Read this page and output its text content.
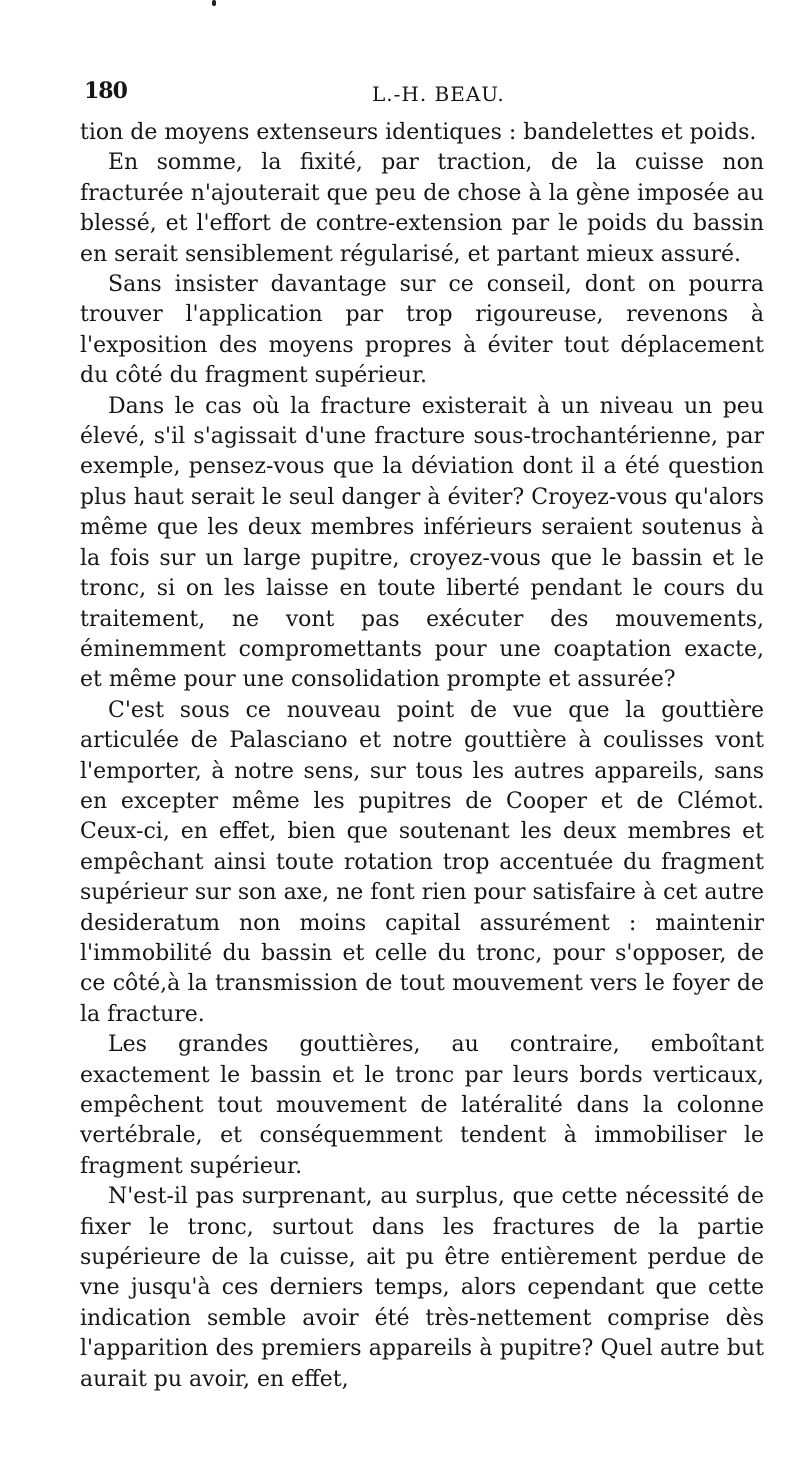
180	L.-H. BEAU.

tion de moyens extenseurs identiques : bandelettes et poids.

En somme, la fixité, par traction, de la cuisse non fracturée n'ajouterait que peu de chose à la gène imposée au blessé, et l'effort de contre-extension par le poids du bassin en serait sensiblement régularisé, et partant mieux assuré.

Sans insister davantage sur ce conseil, dont on pourra trouver l'application par trop rigoureuse, revenons à l'exposition des moyens propres à éviter tout déplacement du côté du fragment supérieur.

Dans le cas où la fracture existerait à un niveau un peu élevé, s'il s'agissait d'une fracture sous-trochantérienne, par exemple, pensez-vous que la déviation dont il a été question plus haut serait le seul danger à éviter? Croyez-vous qu'alors même que les deux membres inférieurs seraient soutenus à la fois sur un large pupitre, croyez-vous que le bassin et le tronc, si on les laisse en toute liberté pendant le cours du traitement, ne vont pas exécuter des mouvements, éminemment compromettants pour une coaptation exacte, et même pour une consolidation prompte et assurée?

C'est sous ce nouveau point de vue que la gouttière articulée de Palasciano et notre gouttière à coulisses vont l'emporter, à notre sens, sur tous les autres appareils, sans en excepter même les pupitres de Cooper et de Clémot. Ceux-ci, en effet, bien que soutenant les deux membres et empêchant ainsi toute rotation trop accentuée du fragment supérieur sur son axe, ne font rien pour satisfaire à cet autre desideratum non moins capital assurément : maintenir l'immobilité du bassin et celle du tronc, pour s'opposer, de ce côté,à la transmission de tout mouvement vers le foyer de la fracture.

Les grandes gouttières, au contraire, emboîtant exactement le bassin et le tronc par leurs bords verticaux, empêchent tout mouvement de latéralité dans la colonne vertébrale, et conséquemment tendent à immobiliser le fragment supérieur.

N'est-il pas surprenant, au surplus, que cette nécessité de fixer le tronc, surtout dans les fractures de la partie supérieure de la cuisse, ait pu être entièrement perdue de vne jusqu'à ces derniers temps, alors cependant que cette indication semble avoir été très-nettement comprise dès l'apparition des premiers appareils à pupitre? Quel autre but aurait pu avoir, en effet,
